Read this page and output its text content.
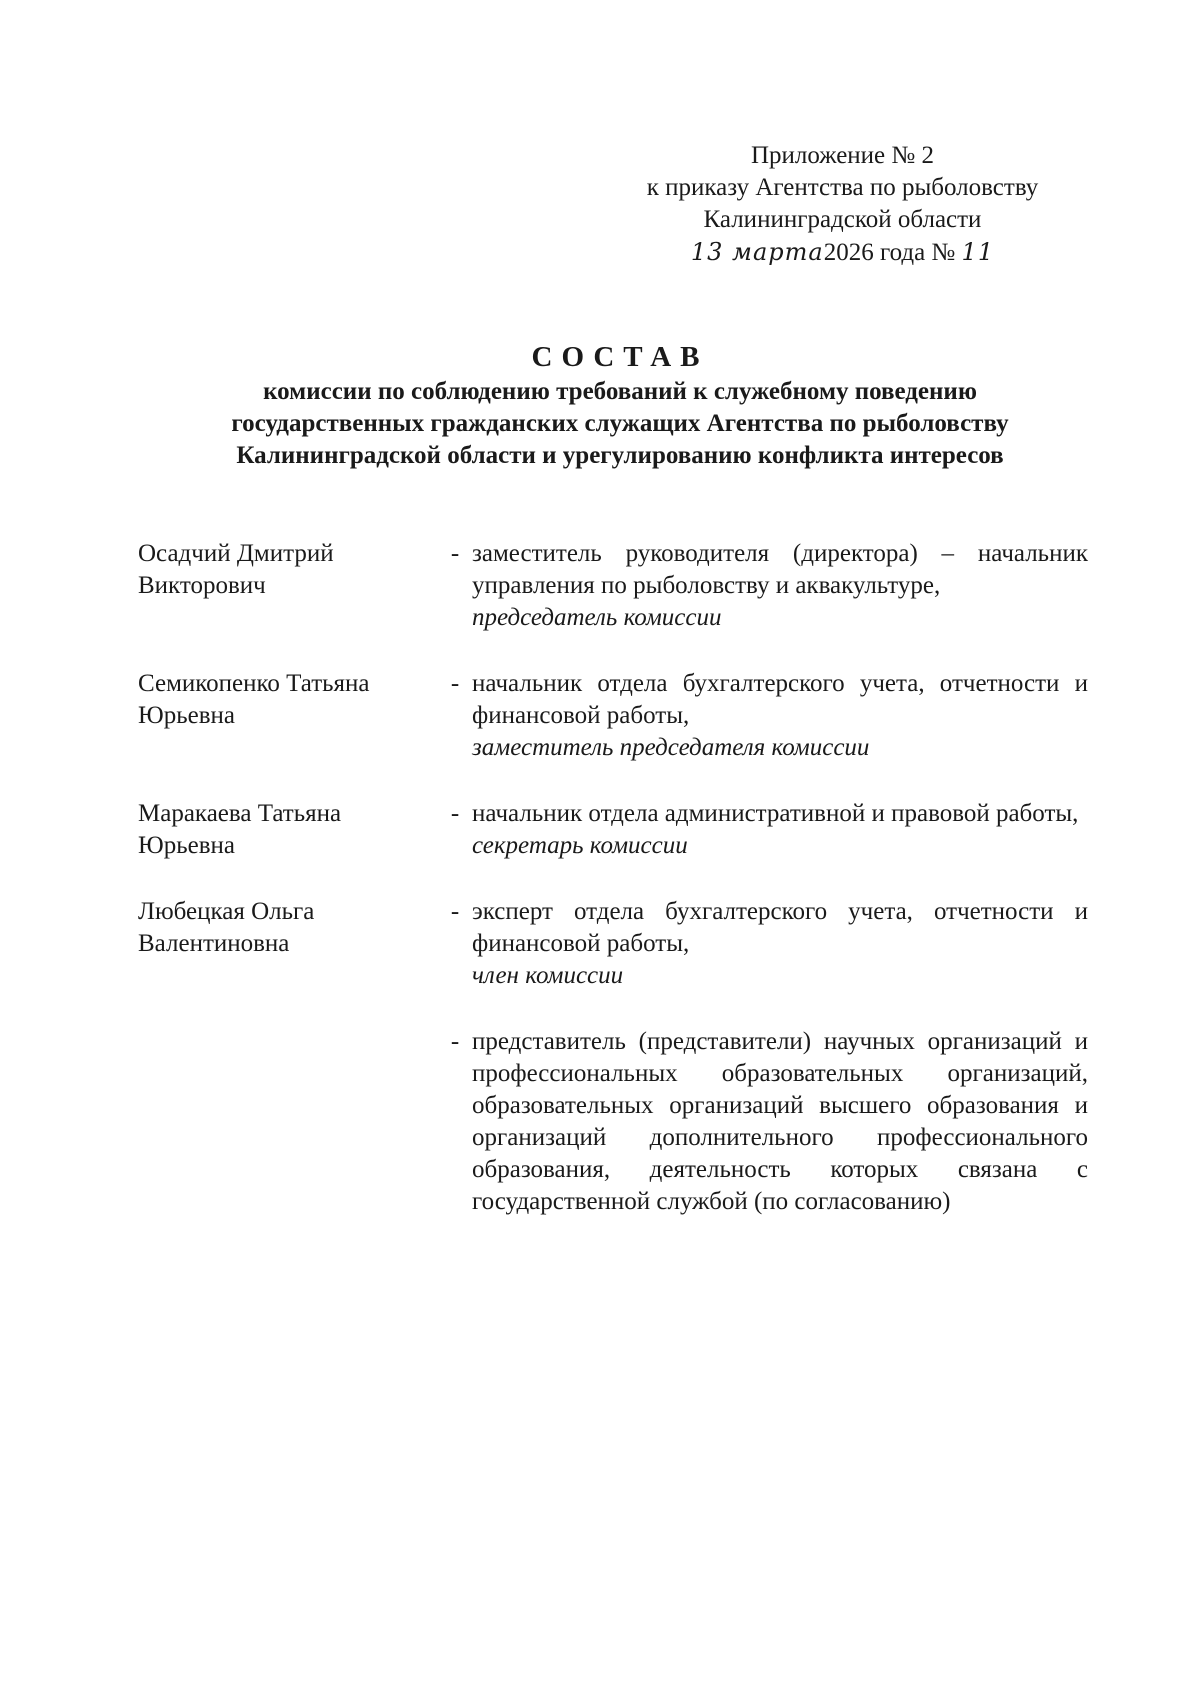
Приложение № 2
к приказу Агентства по рыболовству
Калининградской области
13 марта2026 года № 11
СОСТАВ
комиссии по соблюдению требований к служебному поведению
государственных гражданских служащих Агентства по рыболовству
Калининградской области и урегулированию конфликта интересов
Осадчий Дмитрий
Викторович
- заместитель руководителя (директора) – начальник управления по рыболовству и аквакультуре,

председатель комиссии

Семикопенко Татьяна
Юрьевна
- начальник отдела бухгалтерского учета, отчетности и финансовой работы,

заместитель председателя комиссии

Маракаева Татьяна
Юрьевна
- начальник отдела административной и правовой работы,

секретарь комиссии

Любецкая Ольга
Валентиновна
- эксперт отдела бухгалтерского учета, отчетности и финансовой работы,

член комиссии

- представитель (представители) научных организаций и профессиональных образовательных организаций, образовательных организаций высшего образования и организаций дополнительного профессионального образования, деятельность которых связана с государственной службой (по согласованию)
